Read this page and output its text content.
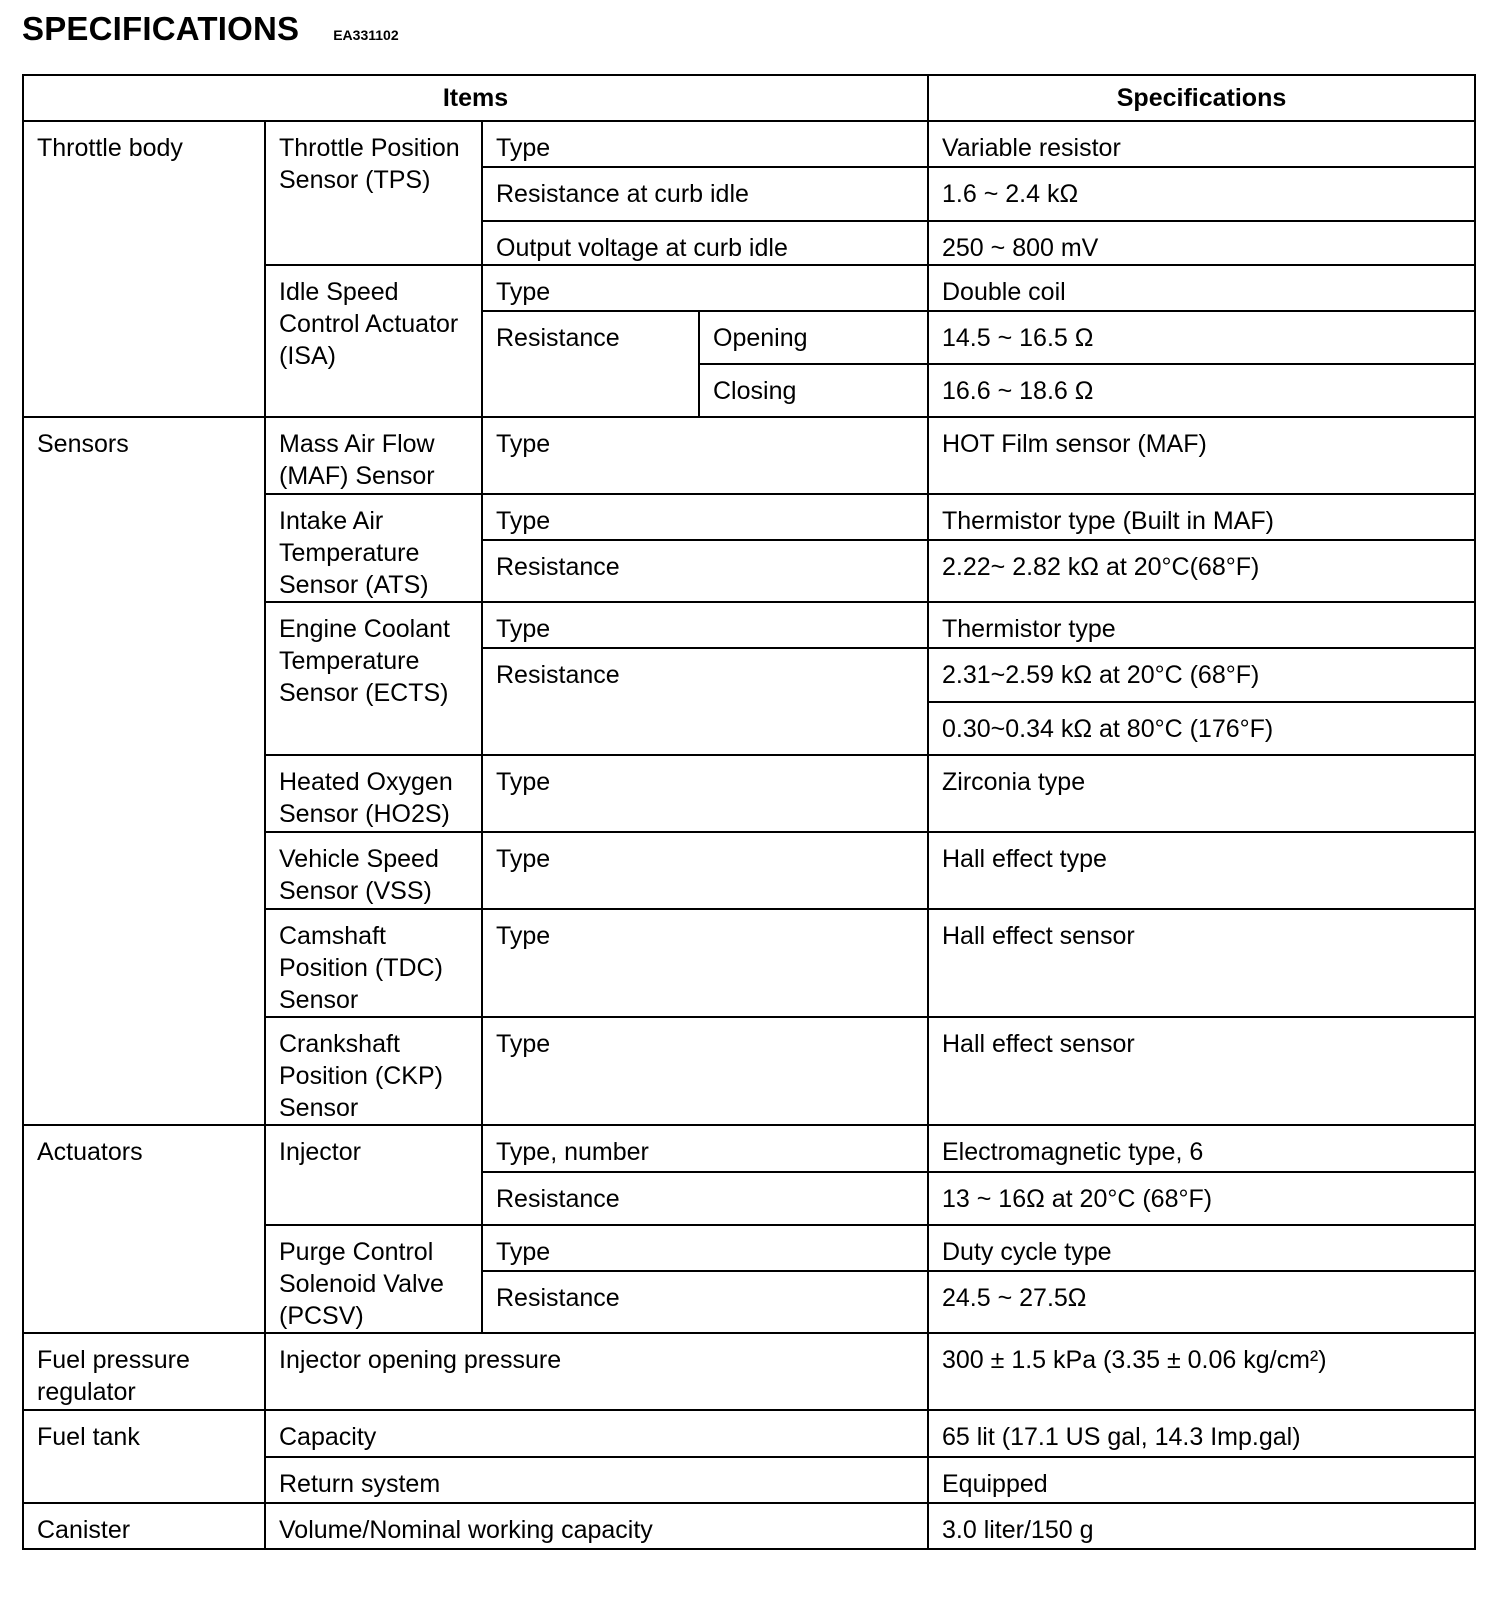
SPECIFICATIONS EA331102
Items				Specifications
Throttle body	Throttle Position Sensor (TPS)	Type		Variable resistor
		Resistance at curb idle		1.6 ~ 2.4 kΩ
		Output voltage at curb idle		250 ~ 800 mV
	Idle Speed Control Actuator (ISA)	Type		Double coil
		Resistance	Opening	14.5 ~ 16.5 Ω
			Closing	16.6 ~ 18.6 Ω
Sensors	Mass Air Flow (MAF) Sensor	Type		HOT Film sensor (MAF)
	Intake Air Temperature Sensor (ATS)	Type		Thermistor type (Built in MAF)
		Resistance		2.22~ 2.82 kΩ at 20°C(68°F)
	Engine Coolant Temperature Sensor (ECTS)	Type		Thermistor type
		Resistance		2.31~2.59 kΩ at 20°C (68°F)
				0.30~0.34 kΩ at 80°C (176°F)
	Heated Oxygen Sensor (HO2S)	Type		Zirconia type
	Vehicle Speed Sensor (VSS)	Type		Hall effect type
	Camshaft Position (TDC) Sensor	Type		Hall effect sensor
	Crankshaft Position (CKP) Sensor	Type		Hall effect sensor

Actuators	Injector	Type, number		Electromagnetic type, 6
		Resistance		13 ~ 16Ω at 20°C (68°F)
	Purge Control Solenoid Valve (PCSV)	Type		Duty cycle type
		Resistance		24.5 ~ 27.5Ω
Fuel pressure regulator	Injector opening pressure			300 ± 1.5 kPa (3.35 ± 0.06 kg/cm²)
Fuel tank	Capacity			65 lit (17.1 US gal, 14.3 Imp.gal)
	Return system			Equipped
Canister	Volume/Nominal working capacity			3.0 liter/150 g
